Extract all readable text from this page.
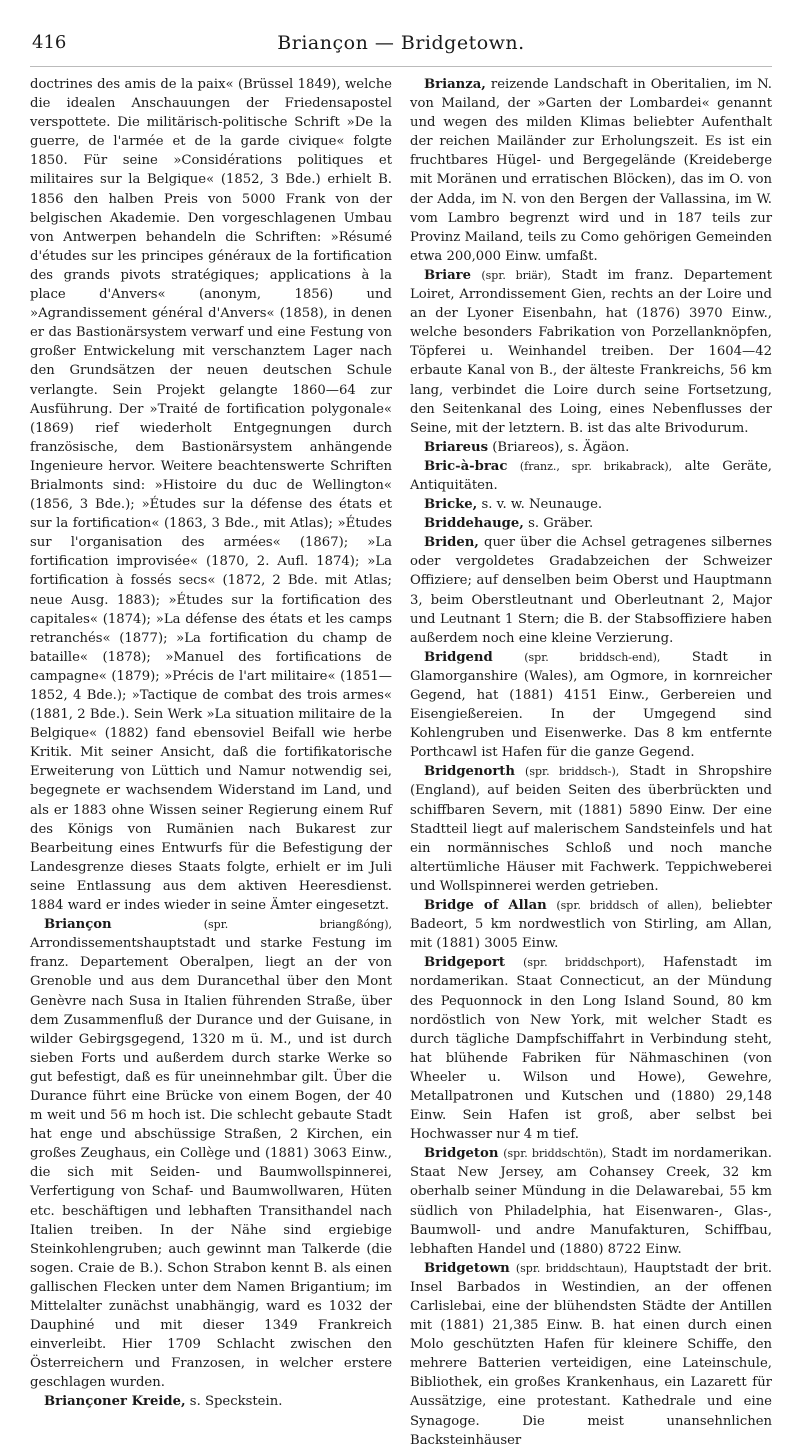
416	Briançon — Bridgetown.

doctrines des amis de la paix« (Brüssel 1849), welche die idealen Anschauungen der Friedensapostel verspottete. Die militärisch-politische Schrift »De la guerre, de l'armée et de la garde civique« folgte 1850. Für seine »Considérations politiques et militaires sur la Belgique« (1852, 3 Bde.) erhielt B. 1856 den halben Preis von 5000 Frank von der belgischen Akademie. Den vorgeschlagenen Umbau von Antwerpen behandeln die Schriften: »Résumé d'études sur les principes généraux de la fortification des grands pivots stratégiques; applications à la place d'Anvers« (anonym, 1856) und »Agrandissement général d'Anvers« (1858), in denen er das Bastionärsystem verwarf und eine Festung von großer Entwickelung mit verschanztem Lager nach den Grundsätzen der neuen deutschen Schule verlangte. Sein Projekt gelangte 1860—64 zur Ausführung. Der »Traité de fortification polygonale« (1869) rief wiederholt Entgegnungen durch französische, dem Bastionärsystem anhängende Ingenieure hervor. Weitere beachtenswerte Schriften Brialmonts sind: »Histoire du duc de Wellington« (1856, 3 Bde.); »Études sur la défense des états et sur la fortification« (1863, 3 Bde., mit Atlas); »Études sur l'organisation des armées« (1867); »La fortification improvisée« (1870, 2. Aufl. 1874); »La fortification à fossés secs« (1872, 2 Bde. mit Atlas; neue Ausg. 1883); »Études sur la fortification des capitales« (1874); »La défense des états et les camps retranchés« (1877); »La fortification du champ de bataille« (1878); »Manuel des fortifications de campagne« (1879); »Précis de l'art militaire« (1851—1852, 4 Bde.); »Tactique de combat des trois armes« (1881, 2 Bde.). Sein Werk »La situation militaire de la Belgique« (1882) fand ebensoviel Beifall wie herbe Kritik. Mit seiner Ansicht, daß die fortifikatorische Erweiterung von Lüttich und Namur notwendig sei, begegnete er wachsendem Widerstand im Land, und als er 1883 ohne Wissen seiner Regierung einem Ruf des Königs von Rumänien nach Bukarest zur Bearbeitung eines Entwurfs für die Befestigung der Landesgrenze dieses Staats folgte, erhielt er im Juli seine Entlassung aus dem aktiven Heeresdienst. 1884 ward er indes wieder in seine Ämter eingesetzt.

Briançon	(spr. briangßóng), Arrondissementshauptstadt und starke Festung im franz. Departement Oberalpen, liegt an der von Grenoble und aus dem Durancethal über den Mont Genèvre nach Susa in Italien führenden Straße, über dem Zusammenfluß der Durance und der Guisane, in wilder Gebirgsgegend, 1320 m ü. M., und ist durch sieben Forts und außerdem durch starke Werke so gut befestigt, daß es für uneinnehmbar gilt. Über die Durance führt eine Brücke von einem Bogen, der 40 m weit und 56 m hoch ist. Die schlecht gebaute Stadt hat enge und abschüssige Straßen, 2 Kirchen, ein großes Zeughaus, ein Collège und (1881) 3063 Einw., die sich mit Seiden- und Baumwollspinnerei, Verfertigung von Schaf- und Baumwollwaren, Hüten etc. beschäftigen und lebhaften Transithandel nach Italien treiben. In der Nähe sind ergiebige Steinkohlengruben; auch gewinnt man Talkerde (die sogen. Craie de B.). Schon Strabon kennt B. als einen gallischen Flecken unter dem Namen Brigantium; im Mittelalter zunächst unabhängig, ward es 1032 der Dauphiné und mit dieser 1349 Frankreich einverleibt. Hier 1709 Schlacht zwischen den Österreichern und Franzosen, in welcher erstere geschlagen wurden.

Briançoner Kreide, s. Speckstein.

Brianza, reizende Landschaft in Oberitalien, im N. von Mailand, der »Garten der Lombardei« genannt und wegen des milden Klimas beliebter Aufenthalt der reichen Mailänder zur Erholungszeit. Es ist ein fruchtbares Hügel- und Bergegelände (Kreideberge mit Moränen und erratischen Blöcken), das im O. von der Adda, im N. von den Bergen der Vallassina, im W. vom Lambro begrenzt wird und in 187 teils zur Provinz Mailand, teils zu Como gehörigen Gemeinden etwa 200,000 Einw. umfaßt.

Briare (spr. briär), Stadt im franz. Departement Loiret, Arrondissement Gien, rechts an der Loire und an der Lyoner Eisenbahn, hat (1876) 3970 Einw., welche besonders Fabrikation von Porzellanknöpfen, Töpferei u. Weinhandel treiben. Der 1604—42 erbaute Kanal von B., der älteste Frankreichs, 56 km lang, verbindet die Loire durch seine Fortsetzung, den Seitenkanal des Loing, eines Nebenflusses der Seine, mit der letztern. B. ist das alte Brivodurum.

Briareus (Briareos), s. Ägäon.

Bric-à-brac (franz., spr. brikabrack), alte Geräte, Antiquitäten.

Bricke, s. v. w. Neunauge.

Briddehauge, s. Gräber.

Briden, quer über die Achsel getragenes silbernes oder vergoldetes Gradabzeichen der Schweizer Offiziere; auf denselben beim Oberst und Hauptmann 3, beim Oberstleutnant und Oberleutnant 2, Major und Leutnant 1 Stern; die B. der Stabsoffiziere haben außerdem noch eine kleine Verzierung.

Bridgend	(spr. briddsch-end), Stadt in Glamorganshire (Wales), am Ogmore, in kornreicher Gegend, hat (1881) 4151 Einw., Gerbereien und Eisengießereien. In der Umgegend sind Kohlengruben und Eisenwerke. Das 8 km entfernte Porthcawl ist Hafen für die ganze Gegend.

Bridgenorth (spr. briddsch-), Stadt in Shropshire (England), auf beiden Seiten des überbrückten und schiffbaren Severn, mit (1881) 5890 Einw. Der eine Stadtteil liegt auf malerischem Sandsteinfels und hat ein normännisches Schloß und noch manche altertümliche Häuser mit Fachwerk. Teppichweberei und Wollspinnerei werden getrieben.

Bridge of Allan (spr. briddsch of allen), beliebter Badeort, 5 km nordwestlich von Stirling, am Allan, mit (1881) 3005 Einw.

Bridgeport (spr. briddschport), Hafenstadt im nordamerikan. Staat Connecticut, an der Mündung des Pequonnock in den Long Island Sound, 80 km nordöstlich von New York, mit welcher Stadt es durch tägliche Dampfschiffahrt in Verbindung steht, hat blühende Fabriken für Nähmaschinen (von Wheeler u. Wilson und Howe), Gewehre, Metallpatronen und Kutschen und (1880) 29,148 Einw. Sein Hafen ist groß, aber selbst bei Hochwasser nur 4 m tief.

Bridgeton (spr. briddschtön), Stadt im nordamerikan. Staat New Jersey, am Cohansey Creek, 32 km oberhalb seiner Mündung in die Delawarebai, 55 km südlich von Philadelphia, hat Eisenwaren-, Glas-, Baumwoll- und andre Manufakturen, Schiffbau, lebhaften Handel und (1880) 8722 Einw.

Bridgetown (spr. briddschtaun), Hauptstadt der brit. Insel Barbados in Westindien, an der offenen Carlislebai, eine der blühendsten Städte der Antillen mit (1881) 21,385 Einw. B. hat einen durch einen Molo geschützten Hafen für kleinere Schiffe, den mehrere Batterien verteidigen, eine Lateinschule, Bibliothek, ein großes Krankenhaus, ein Lazarett für Aussätzige, eine protestant. Kathedrale und eine Synagoge. Die meist unansehnlichen Backsteinhäuser
